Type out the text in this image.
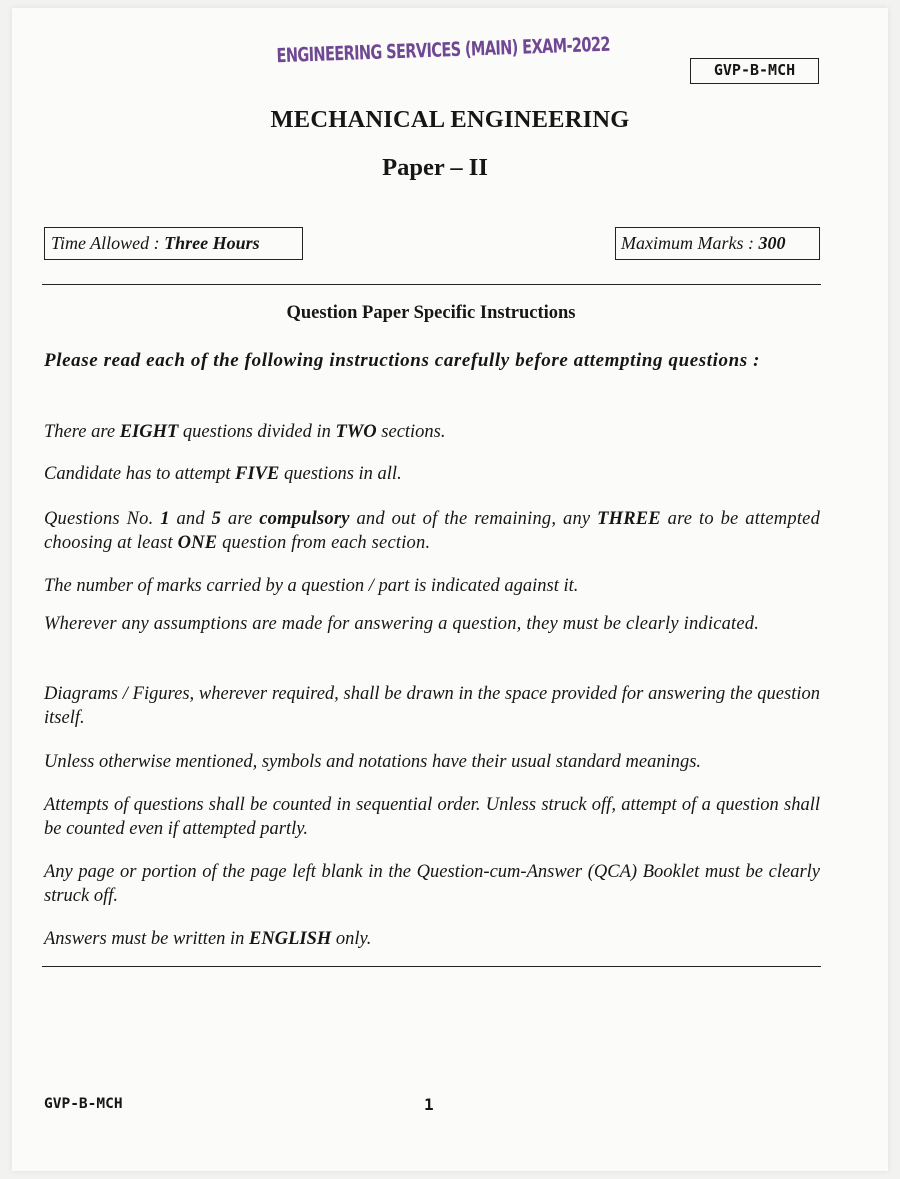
ENGINEERING SERVICES (MAIN) EXAM-2022
GVP-B-MCH
MECHANICAL ENGINEERING
Paper – II
Time Allowed : Three Hours	Maximum Marks : 300
Question Paper Specific Instructions
Please read each of the following instructions carefully before attempting questions :
There are EIGHT questions divided in TWO sections.
Candidate has to attempt FIVE questions in all.
Questions No. 1 and 5 are compulsory and out of the remaining, any THREE are to be attempted choosing at least ONE question from each section.
The number of marks carried by a question / part is indicated against it.
Wherever any assumptions are made for answering a question, they must be clearly indicated.
Diagrams / Figures, wherever required, shall be drawn in the space provided for answering the question itself.
Unless otherwise mentioned, symbols and notations have their usual standard meanings.
Attempts of questions shall be counted in sequential order. Unless struck off, attempt of a question shall be counted even if attempted partly.
Any page or portion of the page left blank in the Question-cum-Answer (QCA) Booklet must be clearly struck off.
Answers must be written in ENGLISH only.
GVP-B-MCH	1
